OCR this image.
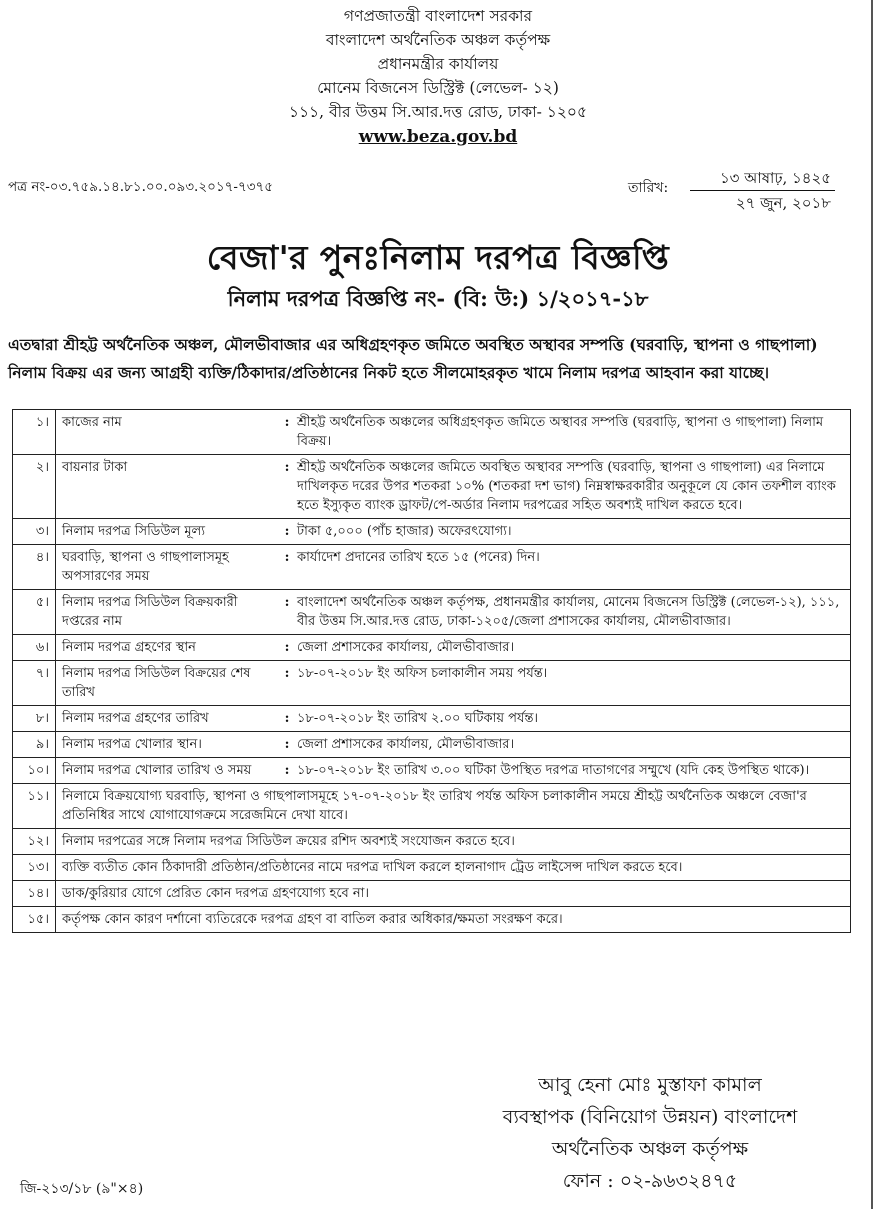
গণপ্রজাতন্ত্রী বাংলাদেশ সরকার
বাংলাদেশ অর্থনৈতিক অঞ্চল কর্তৃপক্ষ
প্রধানমন্ত্রীর কার্যালয়
মোনেম বিজনেস ডিস্ট্রিক্ট (লেভেল- ১২)
১১১, বীর উত্তম সি.আর.দত্ত রোড, ঢাকা- ১২০৫
www.beza.gov.bd
পত্র নং-০৩.৭৫৯.১৪.৮১.০০.০৯৩.২০১৭-৭৩৭৫	তারিখ:
১৩ আষাঢ়, ১৪২৫
২৭ জুন, ২০১৮
বেজা'র পুনঃনিলাম দরপত্র বিজ্ঞপ্তি
নিলাম দরপত্র বিজ্ঞপ্তি নং- (বি: উ:) ১/২০১৭-১৮
এতদ্বারা শ্রীহট্ট অর্থনৈতিক অঞ্চল, মৌলভীবাজার এর অধিগ্রহণকৃত জমিতে অবস্থিত অস্থাবর সম্পত্তি (ঘরবাড়ি, স্থাপনা ও গাছপালা) নিলাম বিক্রয় এর জন্য আগ্রহী ব্যক্তি/ঠিকাদার/প্রতিষ্ঠানের নিকট হতে সীলমোহরকৃত খামে নিলাম দরপত্র আহবান করা যাচ্ছে।
১।	কাজের নাম	:	শ্রীহট্ট অর্থনৈতিক অঞ্চলের অধিগ্রহণকৃত জমিতে অস্থাবর সম্পত্তি (ঘরবাড়ি, স্থাপনা ও গাছপালা) নিলাম বিক্রয়।
২।	বায়নার টাকা	:	শ্রীহট্ট অর্থনৈতিক অঞ্চলের জমিতে অবস্থিত অস্থাবর সম্পত্তি (ঘরবাড়ি, স্থাপনা ও গাছপালা) এর নিলামে দাখিলকৃত দরের উপর শতকরা ১০% (শতকরা দশ ভাগ) নিম্নস্বাক্ষরকারীর অনুকূলে যে কোন তফশীল ব্যাংক হতে ইস্যুকৃত ব্যাংক ড্রাফট/পে-অর্ডার নিলাম দরপত্রের সহিত অবশ্যই দাখিল করতে হবে।
৩।	নিলাম দরপত্র সিডিউল মূল্য	:	টাকা ৫,০০০ (পাঁচ হাজার) অফেরৎযোগ্য।
৪।	ঘরবাড়ি, স্থাপনা ও গাছপালাসমূহ অপসারণের সময়	:	কার্যাদেশ প্রদানের তারিখ হতে ১৫ (পনের) দিন।
৫।	নিলাম দরপত্র সিডিউল বিক্রয়কারী দপ্তরের নাম	:	বাংলাদেশ অর্থনৈতিক অঞ্চল কর্তৃপক্ষ, প্রধানমন্ত্রীর কার্যালয়, মোনেম বিজনেস ডিস্ট্রিক্ট (লেভেল-১২), ১১১, বীর উত্তম সি.আর.দত্ত রোড, ঢাকা-১২০৫/জেলা প্রশাসকের কার্যালয়, মৌলভীবাজার।
৬।	নিলাম দরপত্র গ্রহণের স্থান	:	জেলা প্রশাসকের কার্যালয়, মৌলভীবাজার।
৭।	নিলাম দরপত্র সিডিউল বিক্রয়ের শেষ তারিখ	:	১৮-০৭-২০১৮ ইং অফিস চলাকালীন সময় পর্যন্ত।
৮।	নিলাম দরপত্র গ্রহণের তারিখ	:	১৮-০৭-২০১৮ ইং তারিখ ২.০০ ঘটিকায় পর্যন্ত।
৯।	নিলাম দরপত্র খোলার স্থান।	:	জেলা প্রশাসকের কার্যালয়, মৌলভীবাজার।
১০।	নিলাম দরপত্র খোলার তারিখ ও সময়	:	১৮-০৭-২০১৮ ইং তারিখ ৩.০০ ঘটিকা উপস্থিত দরপত্র দাতাগণের সম্মুখে (যদি কেহ উপস্থিত থাকে)।
১১।	নিলামে বিক্রয়যোগ্য ঘরবাড়ি, স্থাপনা ও গাছপালাসমূহে ১৭-০৭-২০১৮ ইং তারিখ পর্যন্ত অফিস চলাকালীন সময়ে শ্রীহট্ট অর্থনৈতিক অঞ্চলে বেজা'র প্রতিনিধির সাথে যোগাযোগক্রমে সরেজমিনে দেখা যাবে।		
১২।	নিলাম দরপত্রের সঙ্গে নিলাম দরপত্র সিডিউল ক্রয়ের রশিদ অবশ্যই সংযোজন করতে হবে।		
১৩।	ব্যক্তি ব্যতীত কোন ঠিকাদারী প্রতিষ্ঠান/প্রতিষ্ঠানের নামে দরপত্র দাখিল করলে হালনাগাদ ট্রেড লাইসেন্স দাখিল করতে হবে।		
১৪।	ডাক/কুরিয়ার যোগে প্রেরিত কোন দরপত্র গ্রহণযোগ্য হবে না।		
১৫।	কর্তৃপক্ষ কোন কারণ দর্শানো ব্যতিরেকে দরপত্র গ্রহণ বা বাতিল করার অধিকার/ক্ষমতা সংরক্ষণ করে।		
আবু হেনা মোঃ মুস্তাফা কামাল
ব্যবস্থাপক (বিনিয়োগ উন্নয়ন) বাংলাদেশ
অর্থনৈতিক অঞ্চল কর্তৃপক্ষ
ফোন : ০২-৯৬৩২৪৭৫
জি-২১৩/১৮ (৯"×৪)
